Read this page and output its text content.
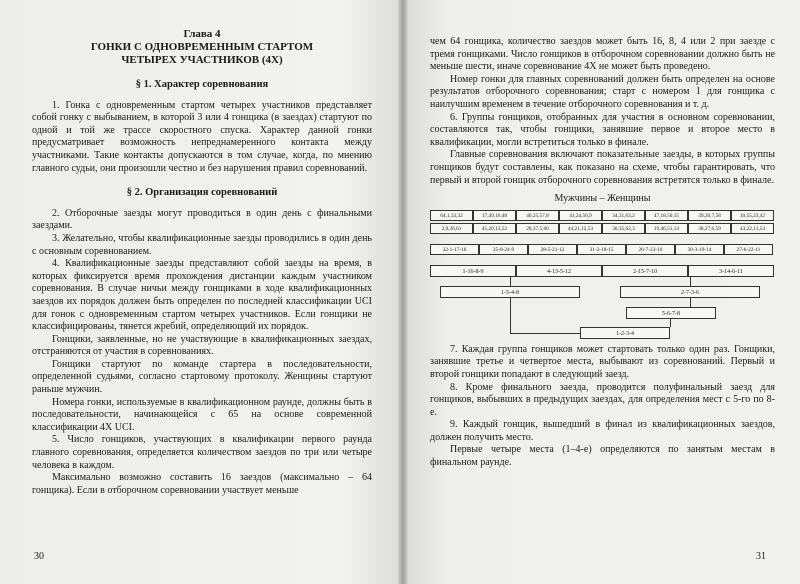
Глава 4
ГОНКИ С ОДНОВРЕМЕННЫМ СТАРТОМ
ЧЕТЫРЕХ УЧАСТНИКОВ (4X)
§ 1. Характер соревнования

1. Гонка с одновременным стартом четырех участников представляет собой гонку с выбыванием, в которой 3 или 4 гонщика (в заездах) стартуют по одной и той же трассе скоростного спуска. Характер данной гонки предусматривает возможность непреднамеренного контакта между участниками. Такие контакты допускаются в том случае, когда, по мнению главного судьи, они произошли честно и без нарушения правил соревнований.

§ 2. Организация соревнований

2. Отборочные заезды могут проводиться в один день с финальными заездами.

3. Желательно, чтобы квалификационные заезды проводились в один день с основным соревнованием.

4. Квалификационные заезды представляют собой заезды на время, в которых фиксируется время прохождения дистанции каждым участником соревнования. В случае ничьи между гонщиками в ходе квалификационных заездов их порядок должен быть определен по последней классификации UCI для гонок с одновременным стартом четырех участников. Если гонщики не классифицированы, тянется жребий, определяющий их порядок.

Гонщики, заявленные, но не участвующие в квалификационных заездах, отстраняются от участия в соревнованиях.

Гонщики стартуют по команде стартера в последовательности, определенной судьями, согласно стартовому протоколу. Женщины стартуют раньше мужчин.

Номера гонки, используемые в квалификационном раунде, должны быть в последовательности, начинающейся с 65 на основе современной классификации 4X UCI.

5. Число гонщиков, участвующих в квалификации первого раунда главного соревнования, определяется количеством заездов по три или четыре человека в каждом.

Максимально возможно составить 16 заездов (максимально – 64 гонщика). Если в отборочном соревновании участвует меньше

30

чем 64 гонщика, количество заездов может быть 16, 8, 4 или 2 при заезде с тремя гонщиками. Число гонщиков в отборочном соревновании должно быть не меньше шести, иначе соревнование 4X не может быть проведено.

Номер гонки для главных соревнований должен быть определен на основе результатов отборочного соревнования; старт с номером 1 для гонщика с наилучшим временем в течение отборочного соревнования и т. д.

6. Группы гонщиков, отобранных для участия в основном соревновании, составляются так, чтобы гонщики, занявшие первое и второе место в квалификации, могли встретиться только в финале.

Главные соревнования включают показательные заезды, в которых группы гонщиков будут составлены, как показано на схеме, чтобы гарантировать, что первый и второй гонщик отборочного соревнования встретятся только в финале.

Мужчины – Женщины
64,1,33,32	17,49,16,48	40,25,57,8	41,24,56,9	34,31,63,2	47,18,50,15	39,26,7,58	10,55,23,42
2,9,36,61	45,20,13,52	28,37,5,60	44,21,12,53	30,35,62,3	19,46,51,14	38,27,6,59	43,22,11,54
32-1-17-16	25-8-24-9	28-5-21-12	31-2-18-15	26-7-23-10	30-3-19-14	27-6-22-11
1-16-8-9	4-13-5-12	2-15-7-10	3-14-6-11
1-5-4-8	2-7-3-6
5-6-7-8
1-2-3-4

7. Каждая группа гонщиков может стартовать только один раз. Гонщики, занявшие третье и четвертое места, выбывают из соревнований. Первый и второй гонщики попадают в следующий заезд.

8. Кроме финального заезда, проводится полуфинальный заезд для гонщиков, выбывших в предыдущих заездах, для определения мест с 5-го по 8-е.

9. Каждый гонщик, вышедший в финал из квалификационных заездов, должен получить место.

Первые четыре места (1–4-е) определяются по занятым местам в финальном раунде.

31
